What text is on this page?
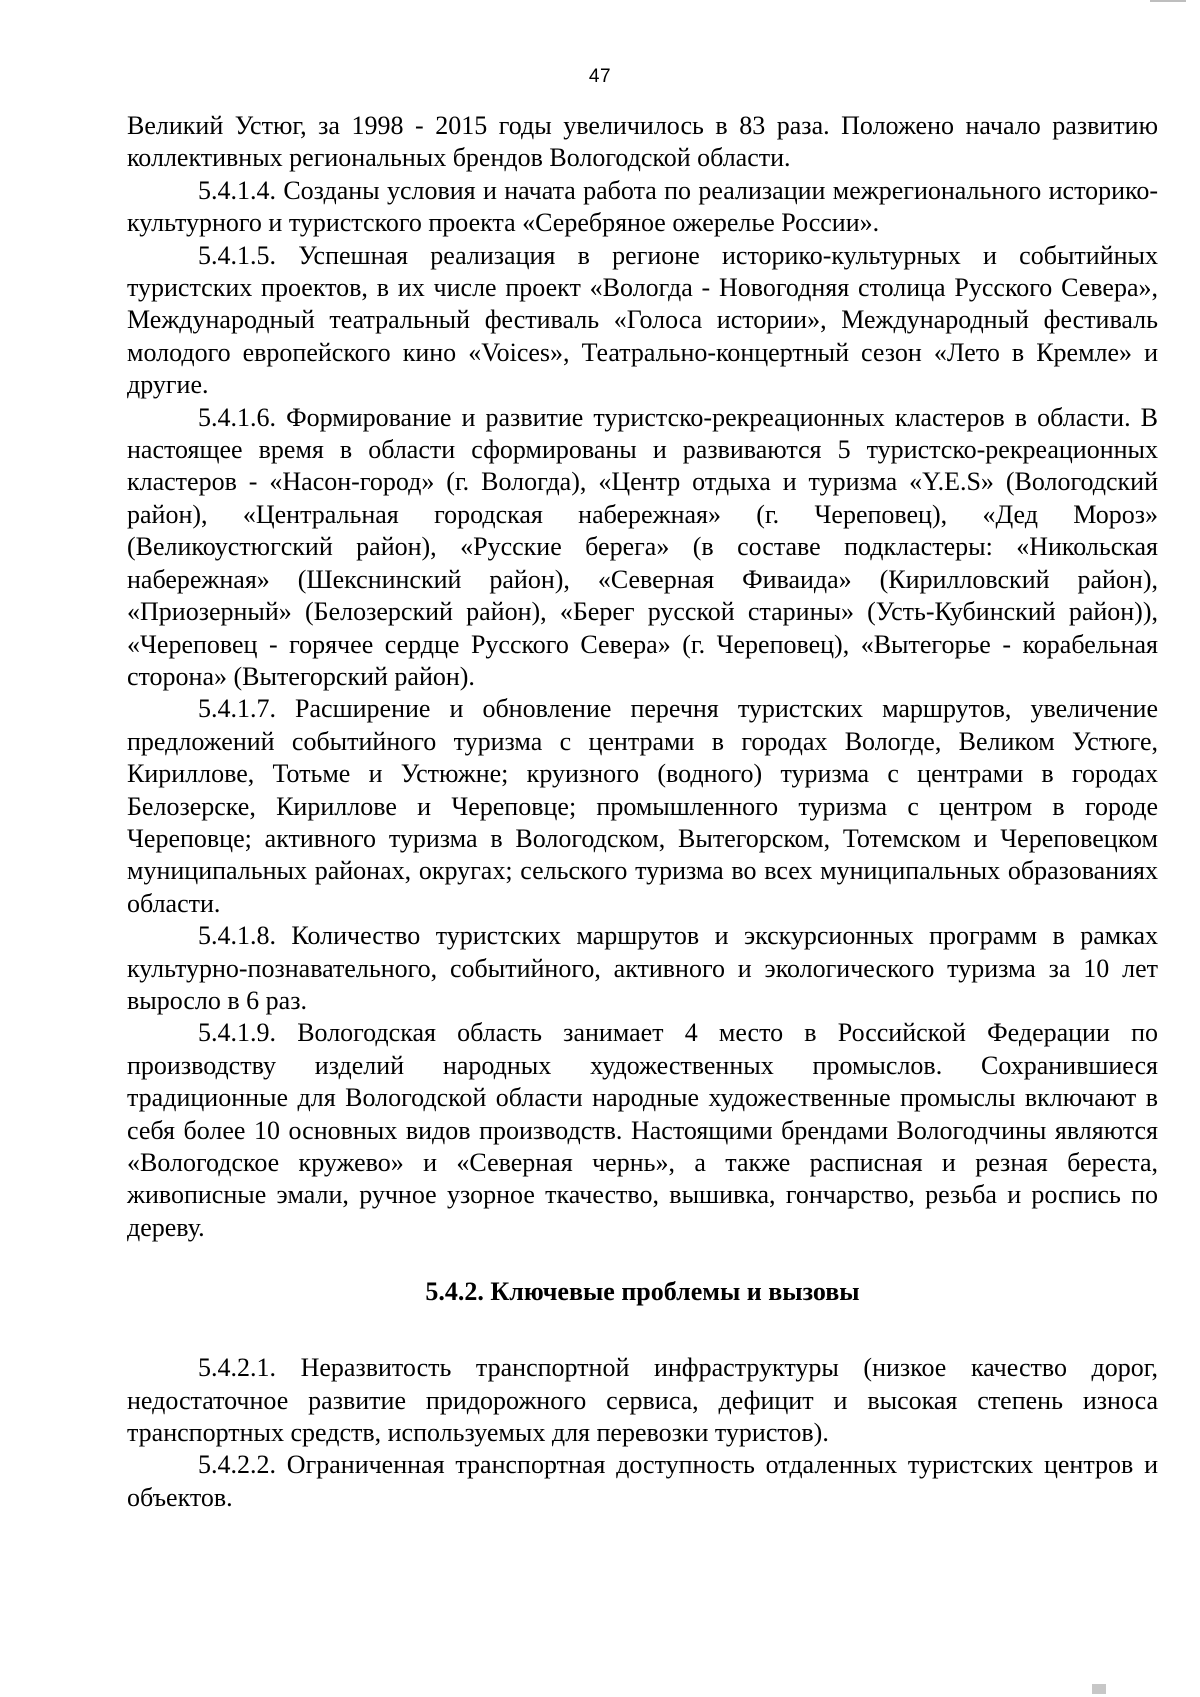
47

Великий Устюг, за 1998 - 2015 годы увеличилось в 83 раза. Положено начало развитию коллективных региональных брендов Вологодской области.

5.4.1.4. Созданы условия и начата работа по реализации межрегионального историко-культурного и туристского проекта «Серебряное ожерелье России».

5.4.1.5. Успешная реализация в регионе историко-культурных и событийных туристских проектов, в их числе проект «Вологда - Новогодняя столица Русского Севера», Международный театральный фестиваль «Голоса истории», Международный фестиваль молодого европейского кино «Voices», Театрально-концертный сезон «Лето в Кремле» и другие.

5.4.1.6. Формирование и развитие туристско-рекреационных кластеров в области. В настоящее время в области сформированы и развиваются 5 туристско-рекреационных кластеров - «Насон-город» (г. Вологда), «Центр отдыха и туризма «Y.E.S» (Вологодский район), «Центральная городская набережная» (г. Череповец), «Дед Мороз» (Великоустюгский район), «Русские берега» (в составе подкластеры: «Никольская набережная» (Шекснинский район), «Северная Фиваида» (Кирилловский район), «Приозерный» (Белозерский район), «Берег русской старины» (Усть-Кубинский район)), «Череповец - горячее сердце Русского Севера» (г. Череповец), «Вытегорье - корабельная сторона» (Вытегорский район).

5.4.1.7. Расширение и обновление перечня туристских маршрутов, увеличение предложений событийного туризма с центрами в городах Вологде, Великом Устюге, Кириллове, Тотьме и Устюжне; круизного (водного) туризма с центрами в городах Белозерске, Кириллове и Череповце; промышленного туризма с центром в городе Череповце; активного туризма в Вологодском, Вытегорском, Тотемском и Череповецком муниципальных районах, округах; сельского туризма во всех муниципальных образованиях области.

5.4.1.8. Количество туристских маршрутов и экскурсионных программ в рамках культурно-познавательного, событийного, активного и экологического туризма за 10 лет выросло в 6 раз.

5.4.1.9. Вологодская область занимает 4 место в Российской Федерации по производству изделий народных художественных промыслов. Сохранившиеся традиционные для Вологодской области народные художественные промыслы включают в себя более 10 основных видов производств. Настоящими брендами Вологодчины являются «Вологодское кружево» и «Северная чернь», а также расписная и резная береста, живописные эмали, ручное узорное ткачество, вышивка, гончарство, резьба и роспись по дереву.

5.4.2. Ключевые проблемы и вызовы

5.4.2.1. Неразвитость транспортной инфраструктуры (низкое качество дорог, недостаточное развитие придорожного сервиса, дефицит и высокая степень износа транспортных средств, используемых для перевозки туристов).

5.4.2.2. Ограниченная транспортная доступность отдаленных туристских центров и объектов.
